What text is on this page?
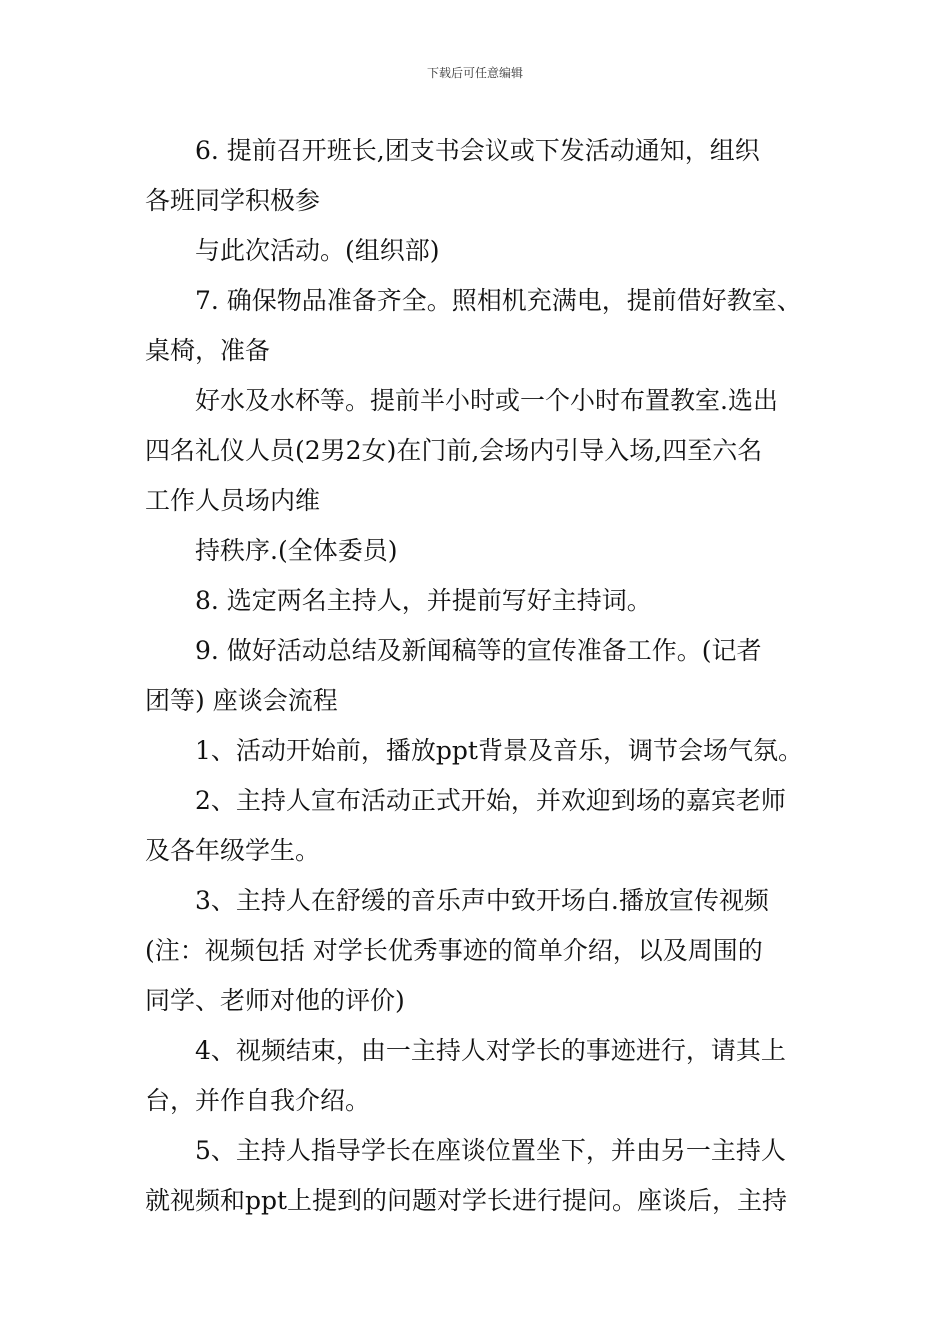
下载后可任意编辑
6. 提前召开班长,团支书会议或下发活动通知，组织
各班同学积极参
与此次活动。(组织部)
7. 确保物品准备齐全。照相机充满电，提前借好教室、
桌椅，准备
好水及水杯等。提前半小时或一个小时布置教室.选出
四名礼仪人员(2男2女)在门前,会场内引导入场,四至六名
工作人员场内维
持秩序.(全体委员)
8. 选定两名主持人，并提前写好主持词。
9. 做好活动总结及新闻稿等的宣传准备工作。(记者
团等) 座谈会流程
1、活动开始前，播放ppt背景及音乐，调节会场气氛。
2、主持人宣布活动正式开始，并欢迎到场的嘉宾老师
及各年级学生。
3、主持人在舒缓的音乐声中致开场白.播放宣传视频
(注：视频包括 对学长优秀事迹的简单介绍，以及周围的
同学、老师对他的评价)
4、视频结束，由一主持人对学长的事迹进行，请其上
台，并作自我介绍。
5、主持人指导学长在座谈位置坐下，并由另一主持人
就视频和ppt上提到的问题对学长进行提问。座谈后，主持
